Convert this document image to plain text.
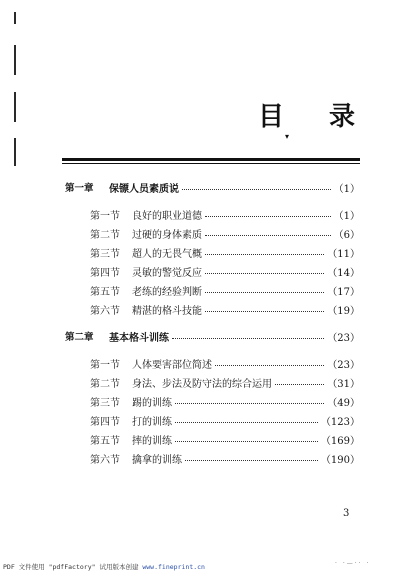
目 录
▾
第一章	保镖人员素质说	（1）
第一节	良好的职业道德	（1）
第二节	过硬的身体素质	（6）
第三节	超人的无畏气概	（11）
第四节	灵敏的警觉反应	（14）
第五节	老练的经验判断	（17）
第六节	精湛的格斗技能	（19）
第二章	基本格斗训练	（23）
第一节	人体要害部位简述	（23）
第二节	身法、步法及防守法的综合运用	（31）
第三节	踢的训练	（49）
第四节	打的训练	（123）
第五节	摔的训练	（169）
第六节	擒拿的训练	（190）
3
PDF 文件使用 "pdfFactory" 试用版本创建 www.fineprint.cn	· ·—·· ·
